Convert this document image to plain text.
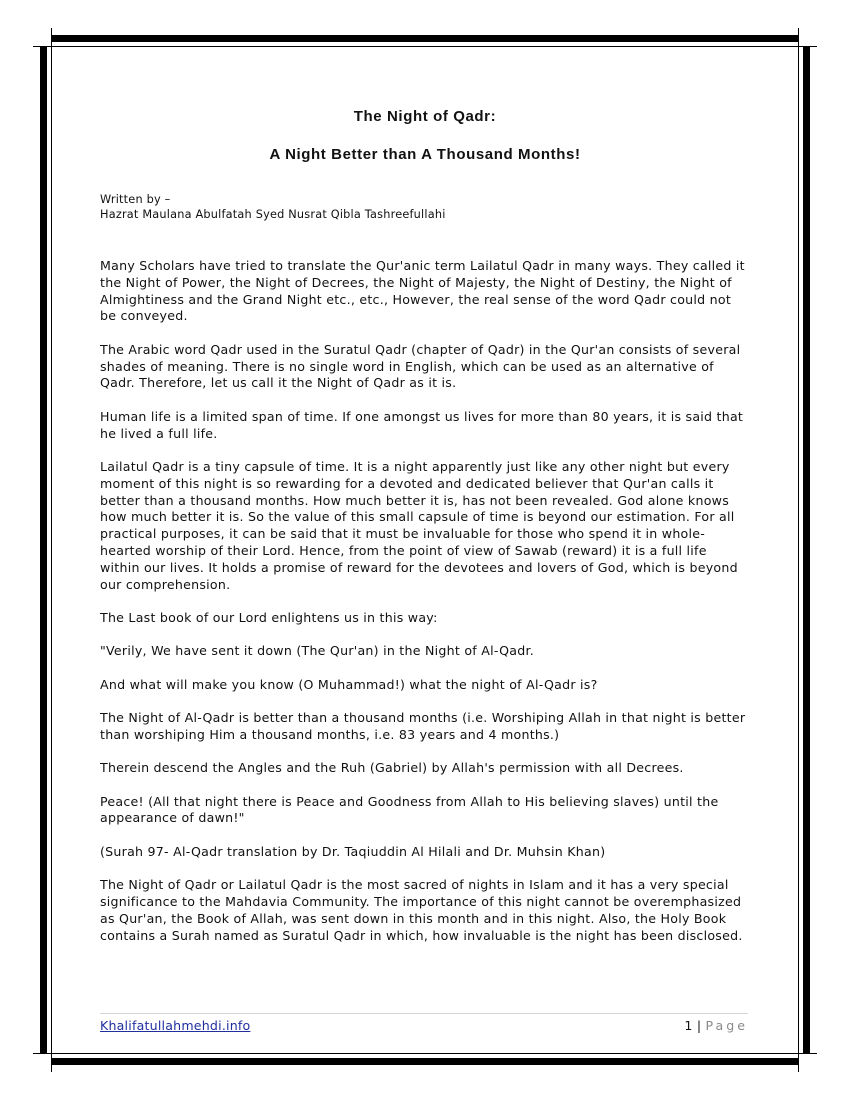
The Night of Qadr:
A Night Better than A Thousand Months!
Written by –
Hazrat Maulana Abulfatah Syed Nusrat Qibla Tashreefullahi

Many Scholars have tried to translate the Qur'anic term Lailatul Qadr in many ways. They called it the Night of Power, the Night of Decrees, the Night of Majesty, the Night of Destiny, the Night of Almightiness and the Grand Night etc., etc., However, the real sense of the word Qadr could not be conveyed.

The Arabic word Qadr used in the Suratul Qadr (chapter of Qadr) in the Qur'an consists of several shades of meaning. There is no single word in English, which can be used as an alternative of Qadr. Therefore, let us call it the Night of Qadr as it is.

Human life is a limited span of time. If one amongst us lives for more than 80 years, it is said that he lived a full life.

Lailatul Qadr is a tiny capsule of time. It is a night apparently just like any other night but every moment of this night is so rewarding for a devoted and dedicated believer that Qur'an calls it better than a thousand months. How much better it is, has not been revealed. God alone knows how much better it is. So the value of this small capsule of time is beyond our estimation. For all practical purposes, it can be said that it must be invaluable for those who spend it in whole-hearted worship of their Lord. Hence, from the point of view of Sawab (reward) it is a full life within our lives. It holds a promise of reward for the devotees and lovers of God, which is beyond our comprehension.

The Last book of our Lord enlightens us in this way:

"Verily, We have sent it down (The Qur'an) in the Night of Al-Qadr.

And what will make you know (O Muhammad!) what the night of Al-Qadr is?

The Night of Al-Qadr is better than a thousand months (i.e. Worshiping Allah in that night is better than worshiping Him a thousand months, i.e. 83 years and 4 months.)

Therein descend the Angles and the Ruh (Gabriel) by Allah's permission with all Decrees.

Peace! (All that night there is Peace and Goodness from Allah to His believing slaves) until the appearance of dawn!"

(Surah 97- Al-Qadr translation by Dr. Taqiuddin Al Hilali and Dr. Muhsin Khan)

The Night of Qadr or Lailatul Qadr is the most sacred of nights in Islam and it has a very special significance to the Mahdavia Community. The importance of this night cannot be overemphasized as Qur'an, the Book of Allah, was sent down in this month and in this night. Also, the Holy Book contains a Surah named as Suratul Qadr in which, how invaluable is the night has been disclosed.

Khalifatullahmehdi.info	1 | Page
